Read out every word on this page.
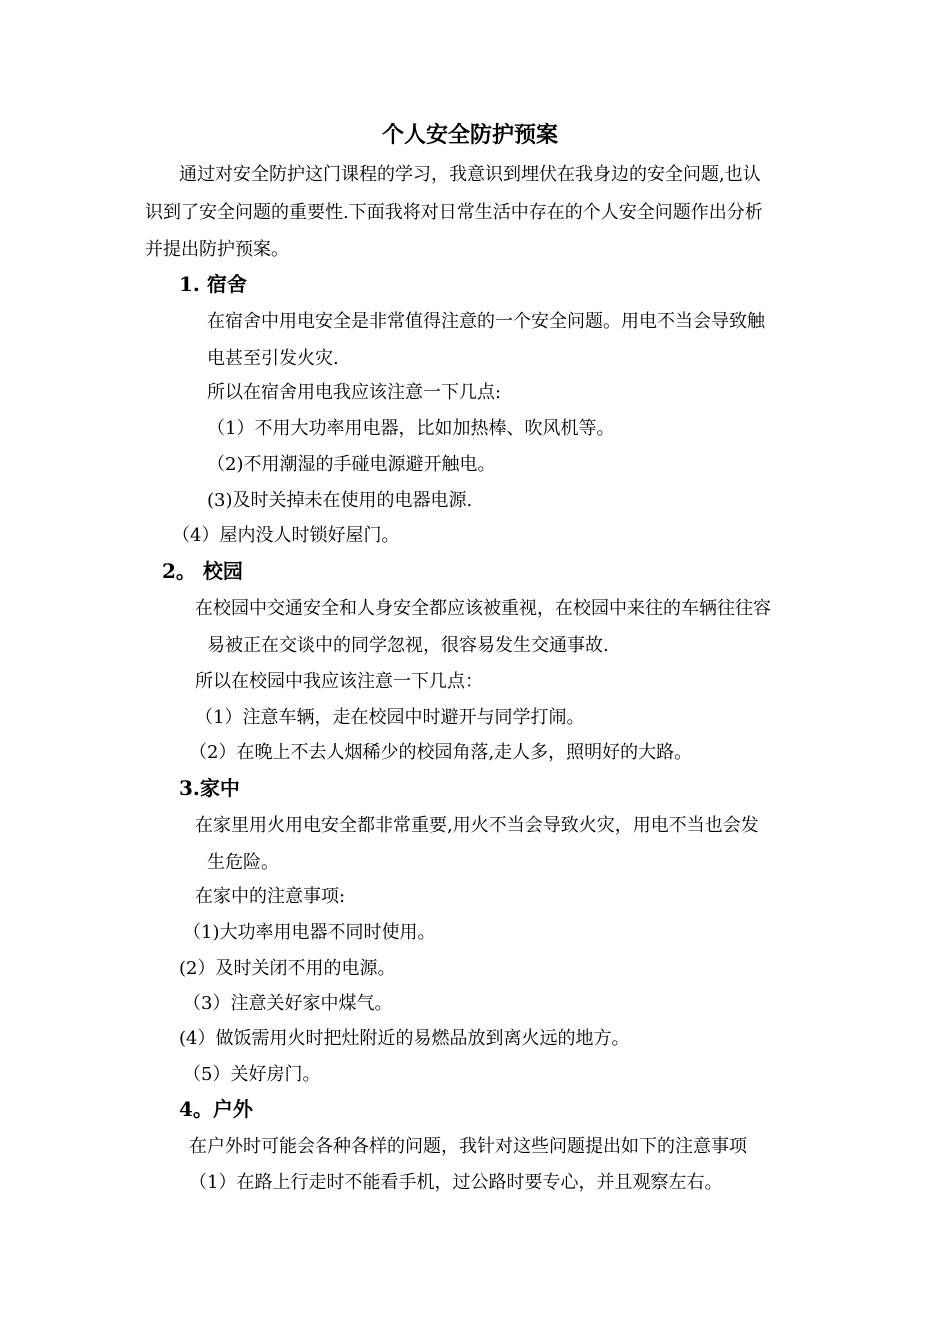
个人安全防护预案
通过对安全防护这门课程的学习，我意识到埋伏在我身边的安全问题,也认
识到了安全问题的重要性.下面我将对日常生活中存在的个人安全问题作出分析
并提出防护预案。
1. 宿舍
在宿舍中用电安全是非常值得注意的一个安全问题。用电不当会导致触
电甚至引发火灾.
所以在宿舍用电我应该注意一下几点:
（1）不用大功率用电器，比如加热棒、吹风机等。
（2)不用潮湿的手碰电源避开触电。
(3)及时关掉未在使用的电器电源.
（4）屋内没人时锁好屋门。
2。 校园
在校园中交通安全和人身安全都应该被重视，在校园中来往的车辆往往容
易被正在交谈中的同学忽视，很容易发生交通事故.
所以在校园中我应该注意一下几点：
（1）注意车辆，走在校园中时避开与同学打闹。
（2）在晚上不去人烟稀少的校园角落,走人多，照明好的大路。
3.家中
在家里用火用电安全都非常重要,用火不当会导致火灾，用电不当也会发
生危险。
在家中的注意事项:
（1)大功率用电器不同时使用。
(2）及时关闭不用的电源。
（3）注意关好家中煤气。
(4）做饭需用火时把灶附近的易燃品放到离火远的地方。
（5）关好房门。
4。户外
在户外时可能会各种各样的问题，我针对这些问题提出如下的注意事项
（1）在路上行走时不能看手机，过公路时要专心，并且观察左右。
